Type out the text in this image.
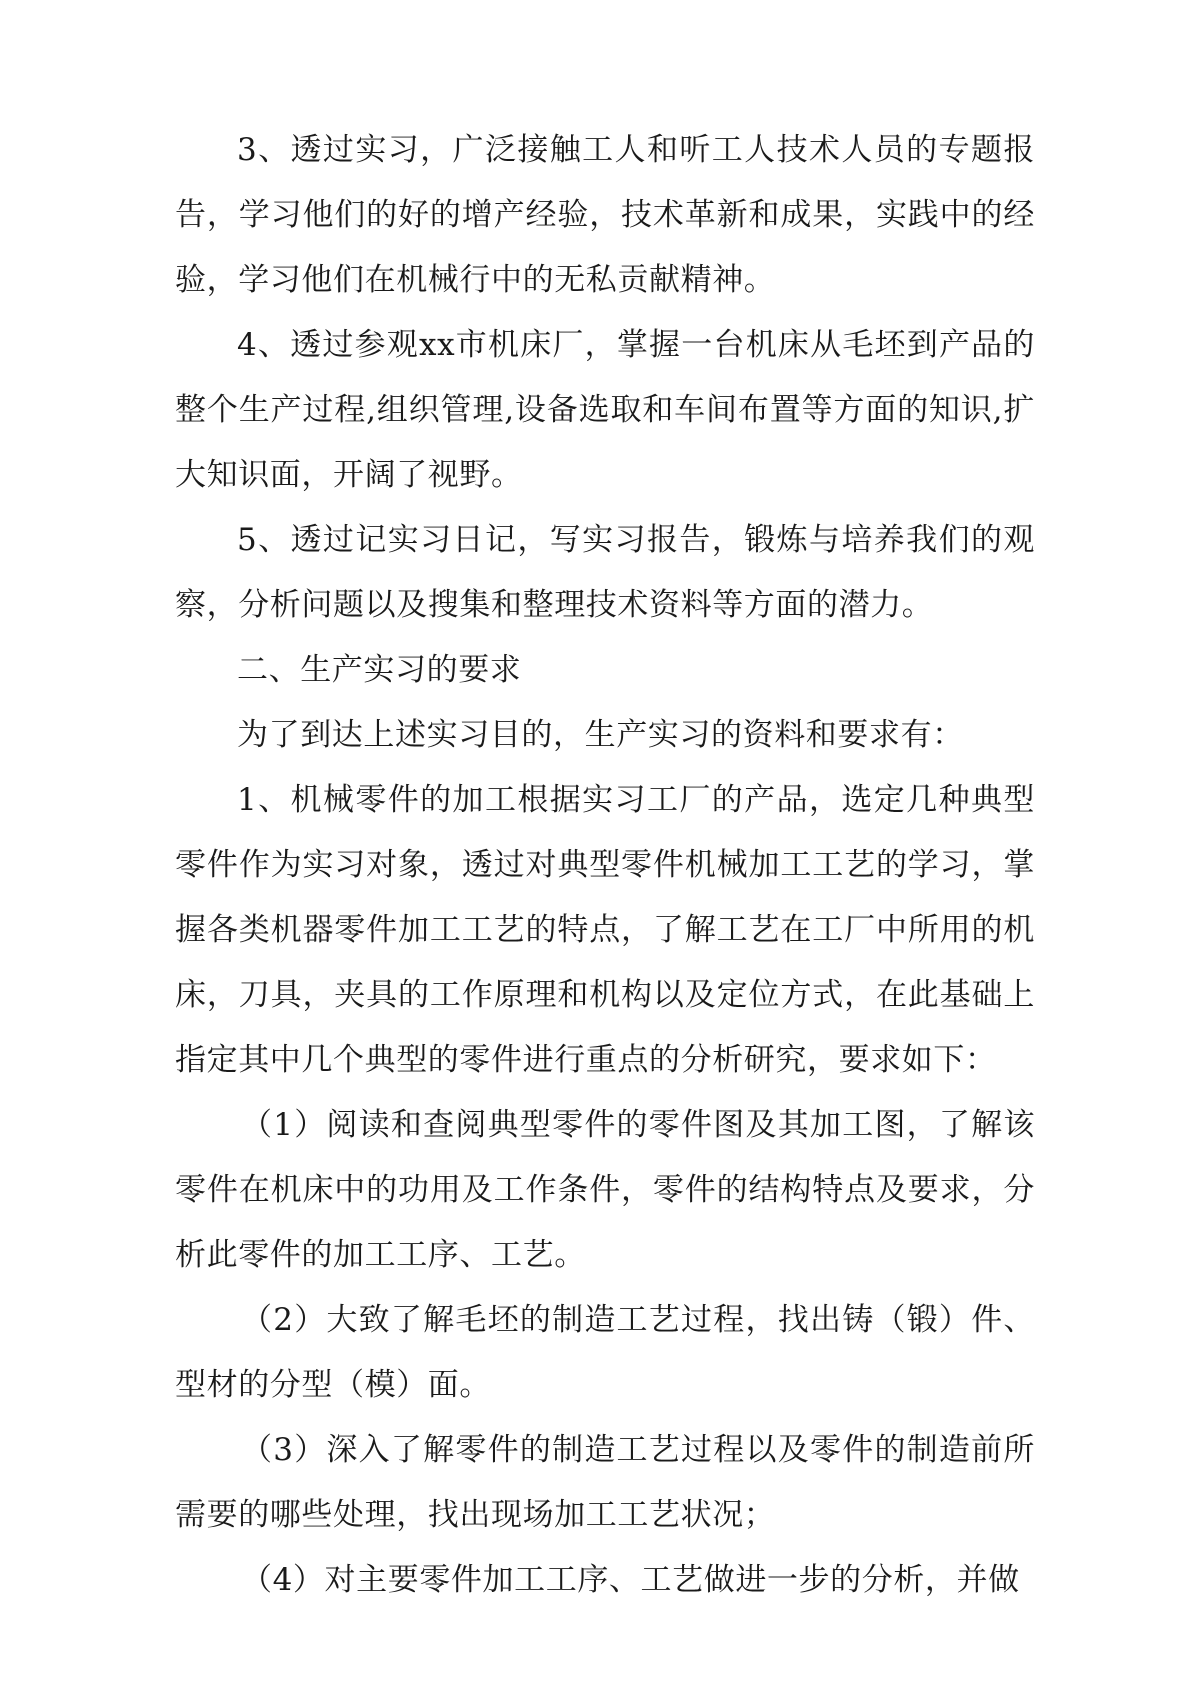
3、透过实习，广泛接触工人和听工人技术人员的专题报告，学习他们的好的增产经验，技术革新和成果，实践中的经验，学习他们在机械行中的无私贡献精神。

4、透过参观xx市机床厂，掌握一台机床从毛坯到产品的整个生产过程,组织管理,设备选取和车间布置等方面的知识,扩大知识面，开阔了视野。

5、透过记实习日记，写实习报告，锻炼与培养我们的观察，分析问题以及搜集和整理技术资料等方面的潜力。

二、生产实习的要求

为了到达上述实习目的，生产实习的资料和要求有：

1、机械零件的加工根据实习工厂的产品，选定几种典型零件作为实习对象，透过对典型零件机械加工工艺的学习，掌握各类机器零件加工工艺的特点，了解工艺在工厂中所用的机床，刀具，夹具的工作原理和机构以及定位方式，在此基础上指定其中几个典型的零件进行重点的分析研究，要求如下：

（1）阅读和查阅典型零件的零件图及其加工图，了解该零件在机床中的功用及工作条件，零件的结构特点及要求，分析此零件的加工工序、工艺。

（2）大致了解毛坯的制造工艺过程，找出铸（锻）件、型材的分型（模）面。

（3）深入了解零件的制造工艺过程以及零件的制造前所需要的哪些处理，找出现场加工工艺状况；

（4）对主要零件加工工序、工艺做进一步的分析，并做
